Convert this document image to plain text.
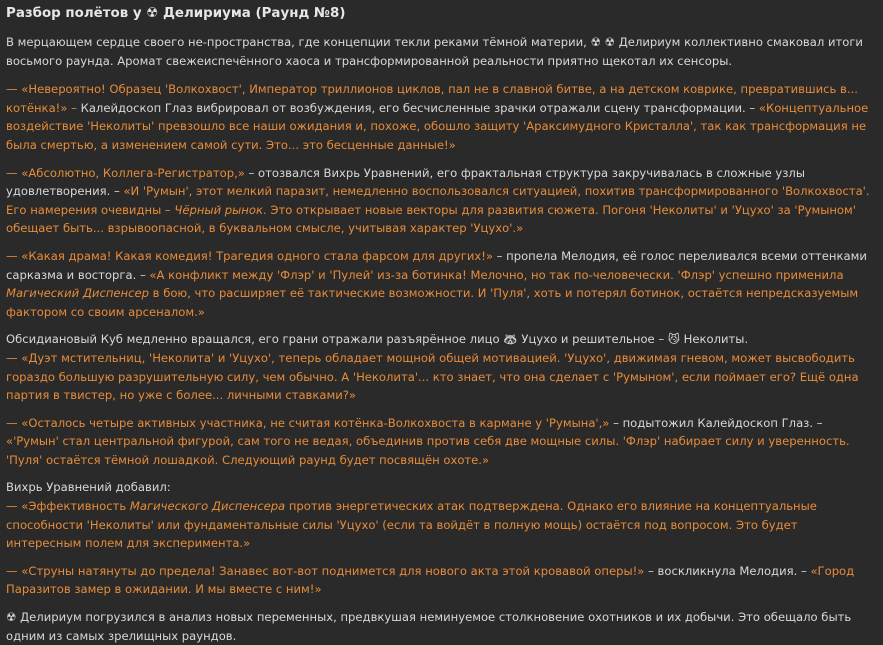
Разбор полётов у ☢ Делириума (Раунд №8)

В мерцающем сердце своего не-пространства, где концепции текли реками тёмной материи, ☢ ☢ Делириум коллективно смаковал итоги восьмого раунда. Аромат свежеиспечённого хаоса и трансформированной реальности приятно щекотал их сенсоры.

— «Невероятно! Образец 'Волкохвост', Император триллионов циклов, пал не в славной битве, а на детском коврике, превратившись в... котёнка!» – Калейдоскоп Глаз вибрировал от возбуждения, его бесчисленные зрачки отражали сцену трансформации. – «Концептуальное воздействие 'Неколиты' превзошло все наши ожидания и, похоже, обошло защиту 'Араксимудного Кристалла', так как трансформация не была смертью, а изменением самой сути. Это... это бесценные данные!»

— «Абсолютно, Коллега-Регистратор,» – отозвался Вихрь Уравнений, его фрактальная структура закручивалась в сложные узлы удовлетворения. – «И 'Румын', этот мелкий паразит, немедленно воспользовался ситуацией, похитив трансформированного 'Волкохвоста'. Его намерения очевидны – Чёрный рынок. Это открывает новые векторы для развития сюжета. Погоня 'Неколиты' и 'Уцухо' за 'Румыном' обещает быть... взрывоопасной, в буквальном смысле, учитывая характер 'Уцухо'.»

— «Какая драма! Какая комедия! Трагедия одного стала фарсом для других!» – пропела Мелодия, её голос переливался всеми оттенками сарказма и восторга. – «А конфликт между 'Флэр' и 'Пулей' из-за ботинка! Мелочно, но так по-человечески. 'Флэр' успешно применила Магический Диспенсер в бою, что расширяет её тактические возможности. И 'Пуля', хоть и потерял ботинок, остаётся непредсказуемым фактором со своим арсеналом.»

Обсидиановый Куб медленно вращался, его грани отражали разъярённое лицо 🦝 Уцухо и решительное – 😼 Неколиты.

— «Дуэт мстительниц, 'Неколита' и 'Уцухо', теперь обладает мощной общей мотивацией. 'Уцухо', движимая гневом, может высвободить гораздо большую разрушительную силу, чем обычно. А 'Неколита'... кто знает, что она сделает с 'Румыном', если поймает его? Ещё одна партия в твистер, но уже с более... личными ставками?»

— «Осталось четыре активных участника, не считая котёнка-Волкохвоста в кармане у 'Румына',» – подытожил Калейдоскоп Глаз. – «'Румын' стал центральной фигурой, сам того не ведая, объединив против себя две мощные силы. 'Флэр' набирает силу и уверенность. 'Пуля' остаётся тёмной лошадкой. Следующий раунд будет посвящён охоте.»

Вихрь Уравнений добавил:

— «Эффективность Магического Диспенсера против энергетических атак подтверждена. Однако его влияние на концептуальные способности 'Неколиты' или фундаментальные силы 'Уцухо' (если та войдёт в полную мощь) остаётся под вопросом. Это будет интересным полем для эксперимента.»

— «Струны натянуты до предела! Занавес вот-вот поднимется для нового акта этой кровавой оперы!» – воскликнула Мелодия. – «Город Паразитов замер в ожидании. И мы вместе с ним!»

☢ Делириум погрузился в анализ новых переменных, предвкушая неминуемое столкновение охотников и их добычи. Это обещало быть одним из самых зрелищных раундов.
